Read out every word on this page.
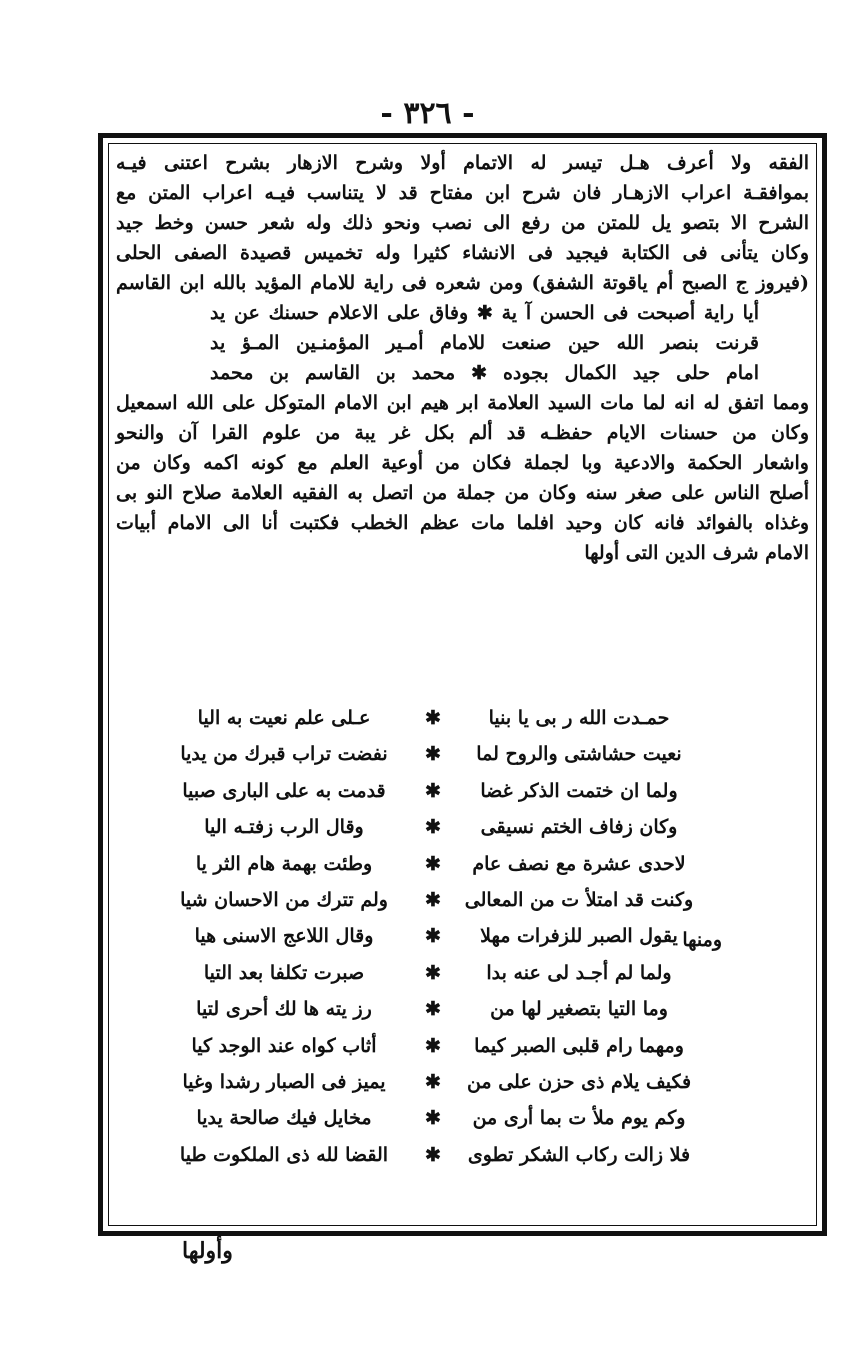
- ٣٢٦ -
الفقه ولا أعرف هـل تيسر له الاتمام أولا وشرح الازهار بشرح اعتنى فيـه
بموافقـة اعراب الازهـار فان شرح ابن مفتاح قد لا يتناسب فيـه اعراب المتن مع
الشرح الا بتصو يل للمتن من رفع الى نصب ونحو ذلك وله شعر حسن وخط جيد
وكان يتأنى فى الكتابة فيجيد فى الانشاء كثيرا وله تخميس قصيدة الصفى الحلى
(فيروز ج الصبح أم ياقوتة الشفق) ومن شعره فى راية للامام المؤيد بالله ابن القاسم
أيا راية أصبحت فى الحسن آ ية ✱ وفاق على الاعلام حسنك عن يد
قرنت بنصر الله حين صنعت للامام أمـير المؤمنـين المـؤ يد
امام حلى جيد الكمال بجوده ✱ محمد بن القاسم بن محمد
ومما اتفق له انه لما مات السيد العلامة ابر هيم ابن الامام المتوكل على الله اسمعيل
وكان من حسنات الايام حفظـه قد ألم بكل غر يبة من علوم القرا آن والنحو
واشعار الحكمة والادعية وبا لجملة فكان من أوعية العلم مع كونه اكمه وكان من
أصلح الناس على صغر سنه وكان من جملة من اتصل به الفقيه العلامة صلاح النو بى
وغذاه بالفوائد فانه كان وحيد افلما مات عظم الخطب فكتبت أنا الى الامام أبيات
الامام شرف الدين التى أولها
حمـدت الله ر بى يا بنيا
✱
عـلى علم نعيت به اليا
نعيت حشاشتى والروح لما
✱
نفضت تراب قبرك من يديا
ولما ان ختمت الذكر غضا
✱
قدمت به على البارى صبيا
وكان زفاف الختم نسيقى
✱
وقال الرب زفتـه اليا
لاحدى عشرة مع نصف عام
✱
وطئت بهمة هام الثر يا
وكنت قد امتلأ ت من المعالى
✱
ولم تترك من الاحسان شيا
يقول الصبر للزفرات مهلا
✱
وقال اللاعج الاسنى هيا
ولما لم أجـد لى عنه بدا
✱
صبرت تكلفا بعد التيا
وما التيا بتصغير لها من
✱
رز يته ها لك أحرى لتيا
ومهما رام قلبى الصبر كيما
✱
أثاب كواه عند الوجد كيا
فكيف يلام ذى حزن على من
✱
يميز فى الصبار رشدا وغيا
وكم يوم ملأ ت بما أرى من
✱
مخايل فيك صالحة يديا
فلا زالت ركاب الشكر تطوى
✱
القضا لله ذى الملكوت طيا
ومنها
وأولها
